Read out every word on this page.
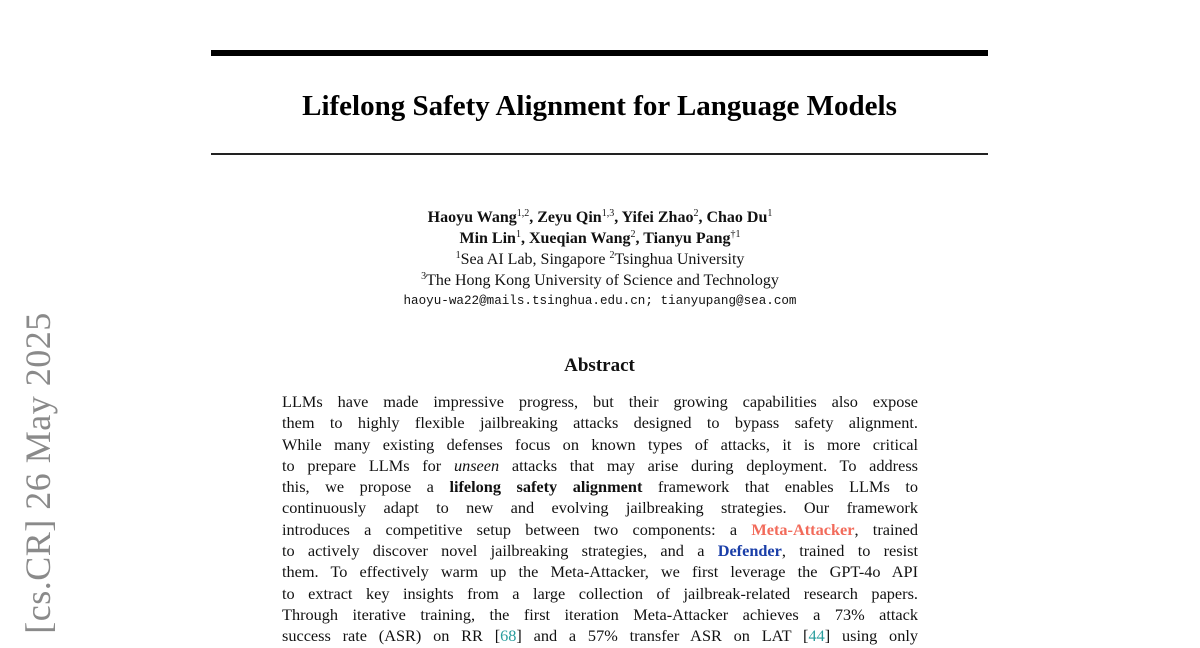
[cs.CR] 26 May 2025
Lifelong Safety Alignment for Language Models
Haoyu Wang$^{1,2}$, Zeyu Qin$^{1,3}$, Yifei Zhao$^2$, Chao Du$^1$
Min Lin$^1$, Xueqian Wang$^2$, Tianyu Pang$^{\dagger 1}$
$^1$Sea AI Lab, Singapore $^2$Tsinghua University
$^3$The Hong Kong University of Science and Technology
haoyu-wa22@mails.tsinghua.edu.cn; tianyupang@sea.com
Abstract
LLMs have made impressive progress, but their growing capabilities also expose
them to highly flexible jailbreaking attacks designed to bypass safety alignment.
While many existing defenses focus on known types of attacks, it is more critical
to prepare LLMs for unseen attacks that may arise during deployment. To address
this, we propose a lifelong safety alignment framework that enables LLMs to
continuously adapt to new and evolving jailbreaking strategies. Our framework
introduces a competitive setup between two components: a Meta-Attacker, trained
to actively discover novel jailbreaking strategies, and a Defender, trained to resist
them. To effectively warm up the Meta-Attacker, we first leverage the GPT-4o API
to extract key insights from a large collection of jailbreak-related research papers.
Through iterative training, the first iteration Meta-Attacker achieves a 73% attack
success rate (ASR) on RR [68] and a 57% transfer ASR on LAT [44] using only
